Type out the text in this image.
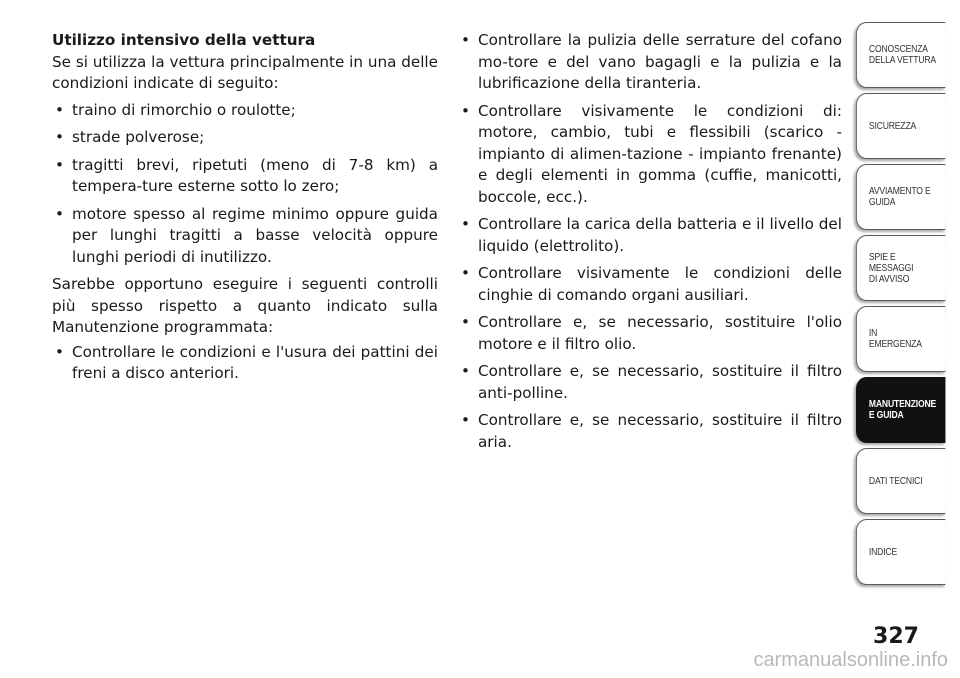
Utilizzo intensivo della vettura
Se si utilizza la vettura principalmente in una delle condizioni indicate di seguito:
• traino di rimorchio o roulotte;
• strade polverose;
• tragitti brevi, ripetuti (meno di 7-8 km) a tempera-ture esterne sotto lo zero;
• motore spesso al regime minimo oppure guida per lunghi tragitti a basse velocità oppure lunghi periodi di inutilizzo.
Sarebbe opportuno eseguire i seguenti controlli più spesso rispetto a quanto indicato sulla Manutenzione programmata:
• Controllare le condizioni e l'usura dei pattini dei freni a disco anteriori.
• Controllare la pulizia delle serrature del cofano mo-tore e del vano bagagli e la pulizia e la lubrificazione della tiranteria.
• Controllare visivamente le condizioni di: motore, cambio, tubi e flessibili (scarico - impianto di alimen-tazione - impianto frenante) e degli elementi in gomma (cuffie, manicotti, boccole, ecc.).
• Controllare la carica della batteria e il livello del liquido (elettrolito).
• Controllare visivamente le condizioni delle cinghie di comando organi ausiliari.
• Controllare e, se necessario, sostituire l'olio motore e il filtro olio.
• Controllare e, se necessario, sostituire il filtro anti-polline.
• Controllare e, se necessario, sostituire il filtro aria.
CONOSCENZA
DELLA VETTURA
SICUREZZA
AVVIAMENTO E
GUIDA
SPIE E
MESSAGGI
DI AVVISO
IN
EMERGENZA
MANUTENZIONE
E GUIDA
DATI TECNICI
INDICE
327
carmanualsonline.info
